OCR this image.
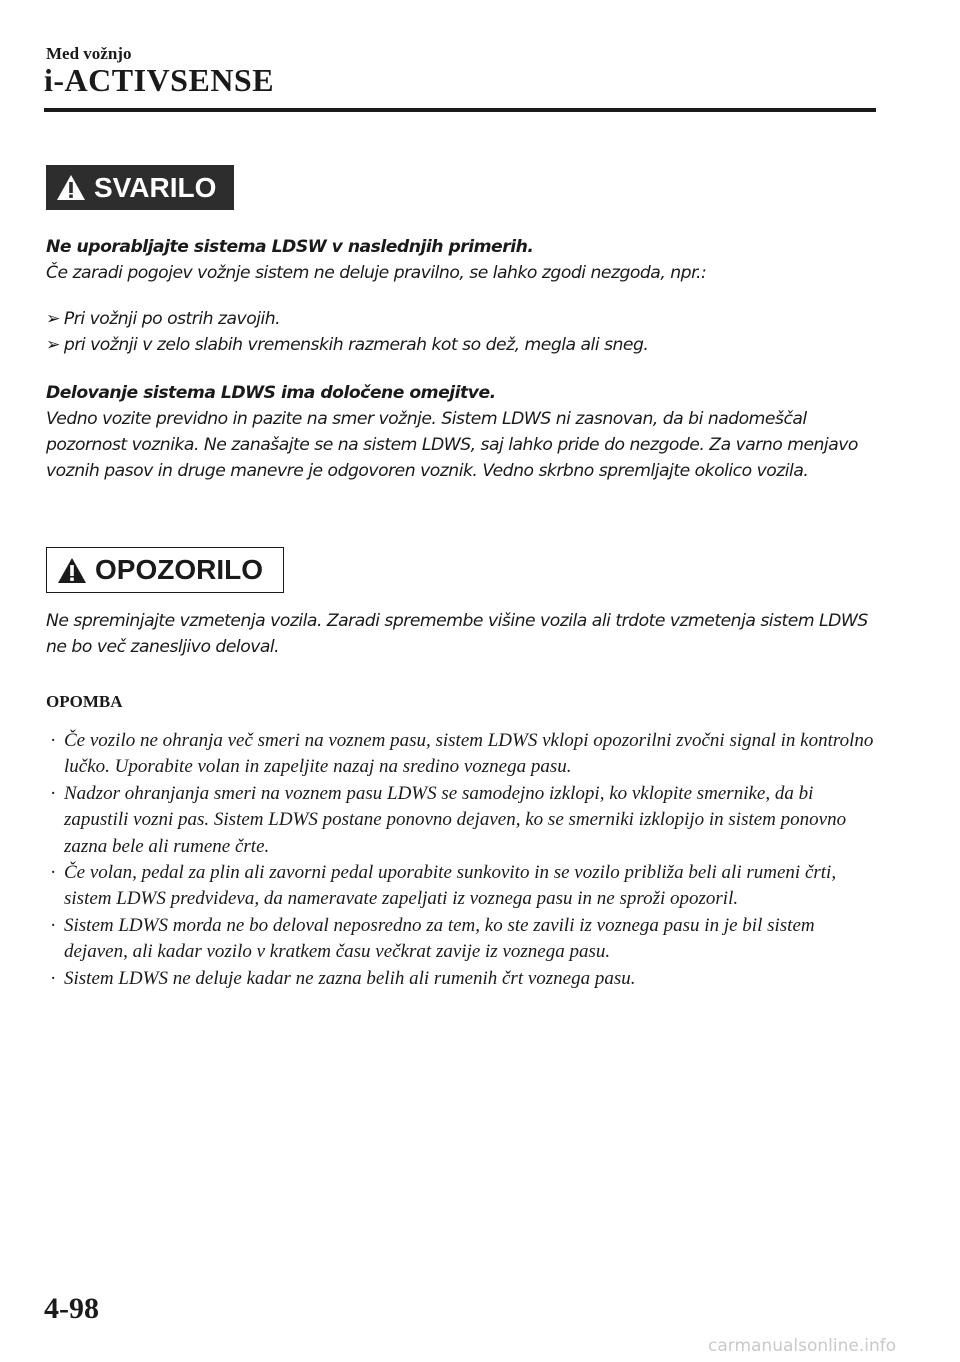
Med vožnjo
i-ACTIVSENSE
SVARILO

Ne uporabljajte sistema LDSW v naslednjih primerih.

Če zaradi pogojev vožnje sistem ne deluje pravilno, se lahko zgodi nezgoda, npr.:

➢ Pri vožnji po ostrih zavojih.
➢ pri vožnji v zelo slabih vremenskih razmerah kot so dež, megla ali sneg.

Delovanje sistema LDWS ima določene omejitve.

Vedno vozite previdno in pazite na smer vožnje. Sistem LDWS ni zasnovan, da bi nadomeščal pozornost voznika. Ne zanašajte se na sistem LDWS, saj lahko pride do nezgode. Za varno menjavo voznih pasov in druge manevre je odgovoren voznik. Vedno skrbno spremljajte okolico vozila.

OPOZORILO

Ne spreminjajte vzmetenja vozila. Zaradi spremembe višine vozila ali trdote vzmetenja sistem LDWS ne bo več zanesljivo deloval.

OPOMBA
· Če vozilo ne ohranja več smeri na voznem pasu, sistem LDWS vklopi opozorilni zvočni signal in kontrolno lučko. Uporabite volan in zapeljite nazaj na sredino voznega pasu.
· Nadzor ohranjanja smeri na voznem pasu LDWS se samodejno izklopi, ko vklopite smernike, da bi zapustili vozni pas. Sistem LDWS postane ponovno dejaven, ko se smerniki izklopijo in sistem ponovno zazna bele ali rumene črte.
· Če volan, pedal za plin ali zavorni pedal uporabite sunkovito in se vozilo približa beli ali rumeni črti, sistem LDWS predvideva, da nameravate zapeljati iz voznega pasu in ne sproži opozoril.
· Sistem LDWS morda ne bo deloval neposredno za tem, ko ste zavili iz voznega pasu in je bil sistem dejaven, ali kadar vozilo v kratkem času večkrat zavije iz voznega pasu.
· Sistem LDWS ne deluje kadar ne zazna belih ali rumenih črt voznega pasu.
4-98
carmanualsonline.info
